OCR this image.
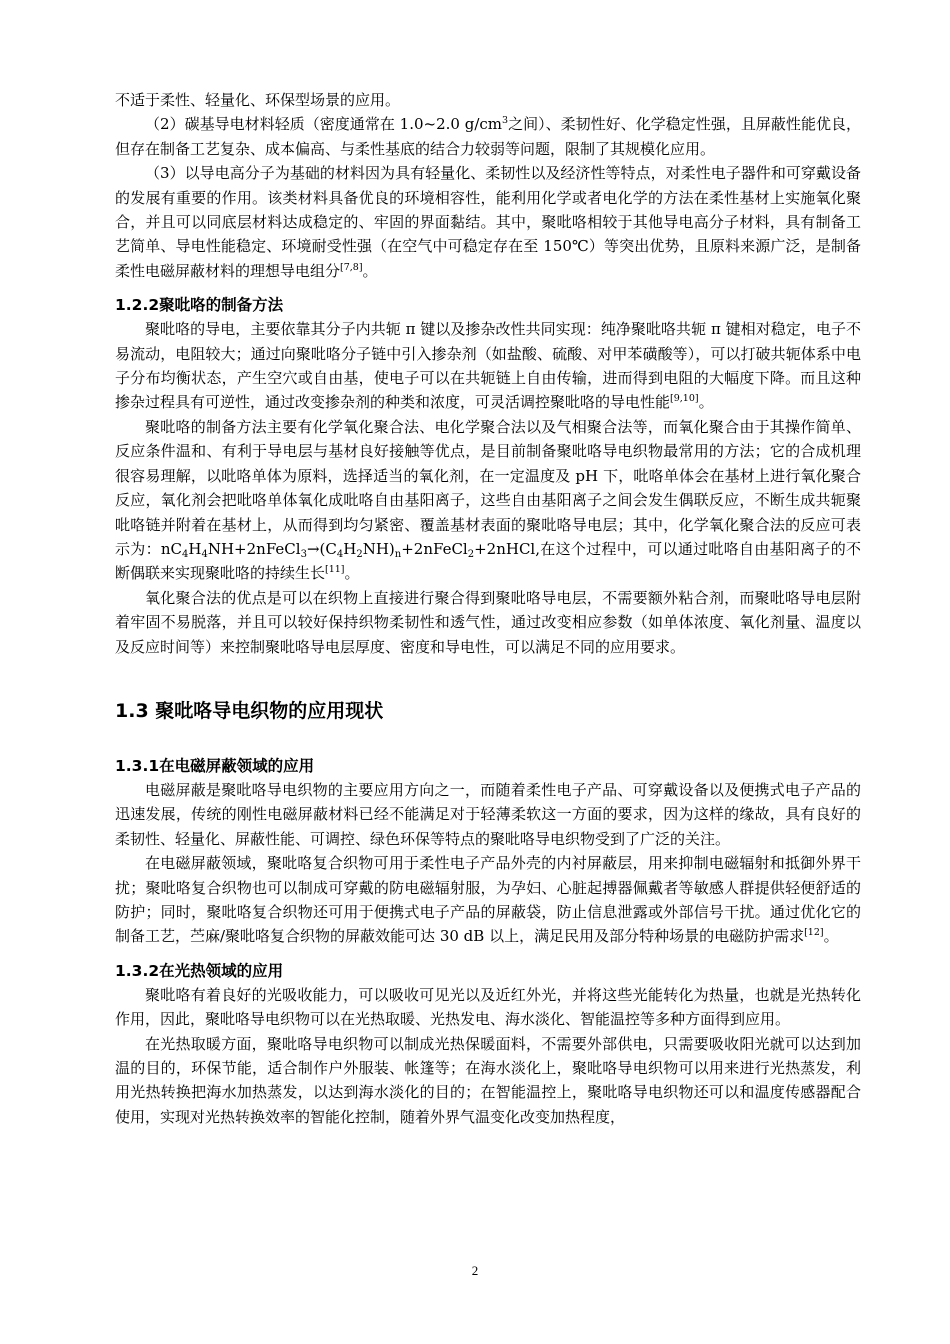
不适于柔性、轻量化、环保型场景的应用。

（2）碳基导电材料轻质（密度通常在 1.0~2.0 $g/cm^3$之间）、柔韧性好、化学稳定性强，且屏蔽性能优良，但存在制备工艺复杂、成本偏高、与柔性基底的结合力较弱等问题，限制了其规模化应用。

（3）以导电高分子为基础的材料因为具有轻量化、柔韧性以及经济性等特点，对柔性电子器件和可穿戴设备的发展有重要的作用。该类材料具备优良的环境相容性，能利用化学或者电化学的方法在柔性基材上实施氧化聚合，并且可以同底层材料达成稳定的、牢固的界面黏结。其中，聚吡咯相较于其他导电高分子材料，具有制备工艺简单、导电性能稳定、环境耐受性强（在空气中可稳定存在至 150℃）等突出优势，且原料来源广泛，是制备柔性电磁屏蔽材料的理想导电组分[7,8]。

1.2.2聚吡咯的制备方法

聚吡咯的导电，主要依靠其分子内共轭 π 键以及掺杂改性共同实现：纯净聚吡咯共轭 π 键相对稳定，电子不易流动，电阻较大；通过向聚吡咯分子链中引入掺杂剂（如盐酸、硫酸、对甲苯磺酸等），可以打破共轭体系中电子分布均衡状态，产生空穴或自由基，使电子可以在共轭链上自由传输，进而得到电阻的大幅度下降。而且这种掺杂过程具有可逆性，通过改变掺杂剂的种类和浓度，可灵活调控聚吡咯的导电性能[9,10]。

聚吡咯的制备方法主要有化学氧化聚合法、电化学聚合法以及气相聚合法等，而氧化聚合由于其操作简单、反应条件温和、有利于导电层与基材良好接触等优点，是目前制备聚吡咯导电织物最常用的方法；它的合成机理很容易理解，以吡咯单体为原料，选择适当的氧化剂，在一定温度及 pH 下，吡咯单体会在基材上进行氧化聚合反应，氧化剂会把吡咯单体氧化成吡咯自由基阳离子，这些自由基阳离子之间会发生偶联反应，不断生成共轭聚吡咯链并附着在基材上，从而得到均匀紧密、覆盖基材表面的聚吡咯导电层；其中，化学氧化聚合法的反应可表示为：$nC_4H_4NH+2nFeCl_3\to(C_4H_2NH)_n+2nFeCl_2+2nHCl$,在这个过程中，可以通过吡咯自由基阳离子的不断偶联来实现聚吡咯的持续生长[11]。

氧化聚合法的优点是可以在织物上直接进行聚合得到聚吡咯导电层，不需要额外粘合剂，而聚吡咯导电层附着牢固不易脱落，并且可以较好保持织物柔韧性和透气性，通过改变相应参数（如单体浓度、氧化剂量、温度以及反应时间等）来控制聚吡咯导电层厚度、密度和导电性，可以满足不同的应用要求。

1.3 聚吡咯导电织物的应用现状
1.3.1在电磁屏蔽领域的应用

电磁屏蔽是聚吡咯导电织物的主要应用方向之一，而随着柔性电子产品、可穿戴设备以及便携式电子产品的迅速发展，传统的刚性电磁屏蔽材料已经不能满足对于轻薄柔软这一方面的要求，因为这样的缘故，具有良好的柔韧性、轻量化、屏蔽性能、可调控、绿色环保等特点的聚吡咯导电织物受到了广泛的关注。

在电磁屏蔽领域，聚吡咯复合织物可用于柔性电子产品外壳的内衬屏蔽层，用来抑制电磁辐射和抵御外界干扰；聚吡咯复合织物也可以制成可穿戴的防电磁辐射服，为孕妇、心脏起搏器佩戴者等敏感人群提供轻便舒适的防护；同时，聚吡咯复合织物还可用于便携式电子产品的屏蔽袋，防止信息泄露或外部信号干扰。通过优化它的制备工艺，苎麻/聚吡咯复合织物的屏蔽效能可达 30 dB 以上，满足民用及部分特种场景的电磁防护需求[12]。

1.3.2在光热领域的应用

聚吡咯有着良好的光吸收能力，可以吸收可见光以及近红外光，并将这些光能转化为热量，也就是光热转化作用，因此，聚吡咯导电织物可以在光热取暖、光热发电、海水淡化、智能温控等多种方面得到应用。

在光热取暖方面，聚吡咯导电织物可以制成光热保暖面料，不需要外部供电，只需要吸收阳光就可以达到加温的目的，环保节能，适合制作户外服装、帐篷等；在海水淡化上，聚吡咯导电织物可以用来进行光热蒸发，利用光热转换把海水加热蒸发，以达到海水淡化的目的；在智能温控上，聚吡咯导电织物还可以和温度传感器配合使用，实现对光热转换效率的智能化控制，随着外界气温变化改变加热程度，

2
